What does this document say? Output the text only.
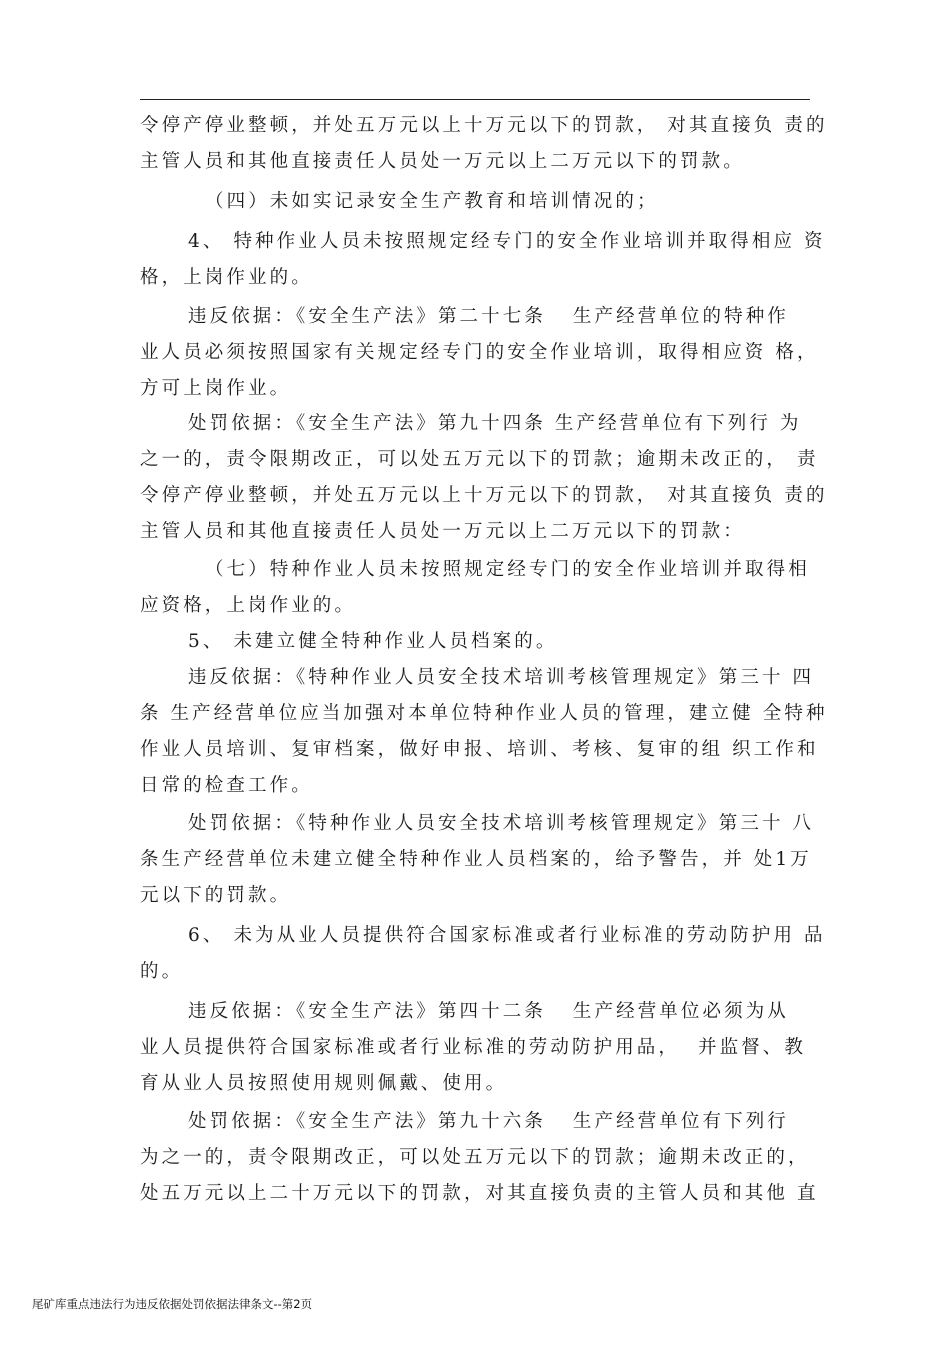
令停产停业整顿，并处五万元以上十万元以下的罚款， 对其直接负 责的
主管人员和其他直接责任人员处一万元以上二万元以下的罚款。
（四）未如实记录安全生产教育和培训情况的；
4、 特种作业人员未按照规定经专门的安全作业培训并取得相应 资
格，上岗作业的。
违反依据：《安全生产法》第二十七条   生产经营单位的特种作
业人员必须按照国家有关规定经专门的安全作业培训，取得相应资 格，
方可上岗作业。
处罚依据：《安全生产法》第九十四条 生产经营单位有下列行 为
之一的，责令限期改正，可以处五万元以下的罚款；逾期未改正的， 责
令停产停业整顿，并处五万元以上十万元以下的罚款， 对其直接负 责的
主管人员和其他直接责任人员处一万元以上二万元以下的罚款：
（七）特种作业人员未按照规定经专门的安全作业培训并取得相
应资格，上岗作业的。
5、 未建立健全特种作业人员档案的。
违反依据：《特种作业人员安全技术培训考核管理规定》第三十 四
条 生产经营单位应当加强对本单位特种作业人员的管理，建立健 全特种
作业人员培训、复审档案，做好申报、培训、考核、复审的组 织工作和
日常的检查工作。
处罚依据：《特种作业人员安全技术培训考核管理规定》第三十 八
条生产经营单位未建立健全特种作业人员档案的，给予警告，并 处1万
元以下的罚款。
6、 未为从业人员提供符合国家标准或者行业标准的劳动防护用 品
的。
违反依据：《安全生产法》第四十二条   生产经营单位必须为从
业人员提供符合国家标准或者行业标准的劳动防护用品，  并监督、教
育从业人员按照使用规则佩戴、使用。
处罚依据：《安全生产法》第九十六条   生产经营单位有下列行
为之一的，责令限期改正，可以处五万元以下的罚款；逾期未改正的，
处五万元以上二十万元以下的罚款，对其直接负责的主管人员和其他 直
尾矿库重点违法行为违反依据处罚依据法律条文--第2页
